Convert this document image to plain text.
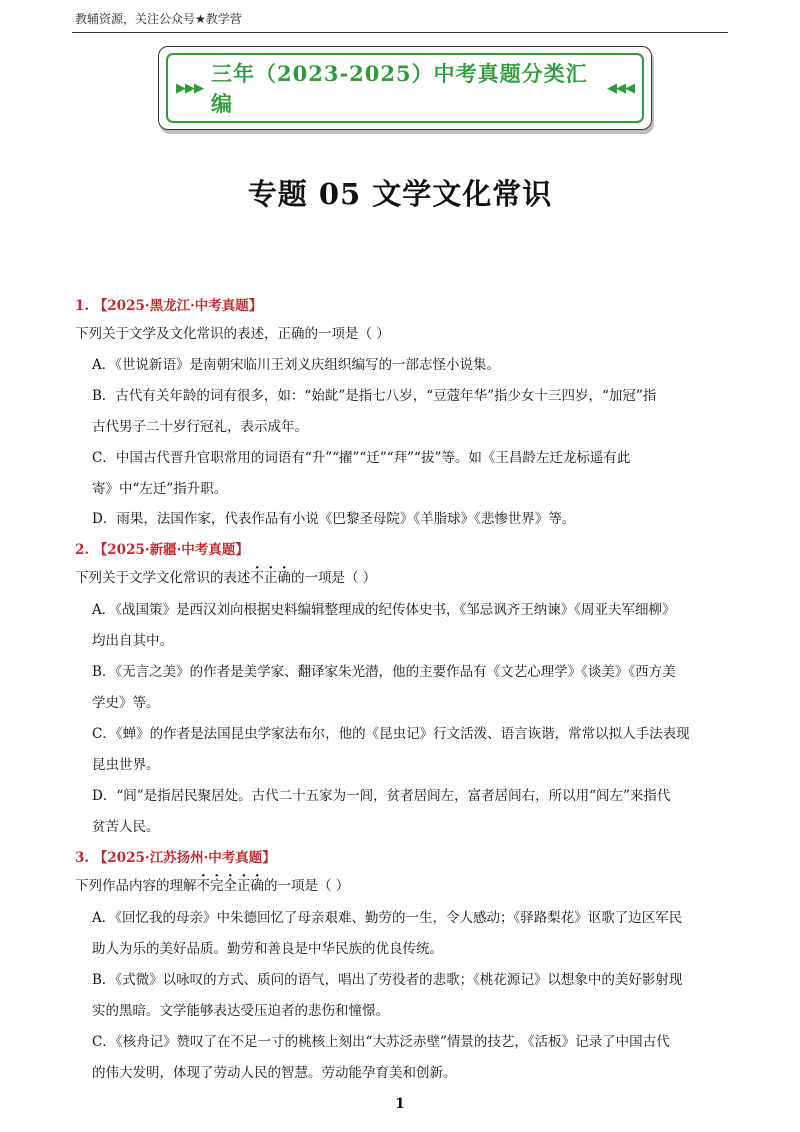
教辅资源，关注公众号★教学营
▶▶▶
三年（2023-2025）中考真题分类汇编
◀◀◀
专题 05 文学文化常识
1. 【2025·黑龙江·中考真题】
下列关于文学及文化常识的表述，正确的一项是（ ）
A．《世说新语》是南朝宋临川王刘义庆组织编写的一部志怪小说集。
B．古代有关年龄的词有很多，如：“始龀”是指七八岁，“豆蔻年华”指少女十三四岁，“加冠”指
古代男子二十岁行冠礼，表示成年。
C．中国古代晋升官职常用的词语有“升”“擢”“迁”“拜”“拔”等。如《王昌龄左迁龙标遥有此
寄》中“左迁”指升职。
D．雨果，法国作家，代表作品有小说《巴黎圣母院》《羊脂球》《悲惨世界》等。
2. 【2025·新疆·中考真题】
下列关于文学文化常识的表述不正确的一项是（ ）
A．《战国策》是西汉刘向根据史料编辑整理成的纪传体史书，《邹忌讽齐王纳谏》《周亚夫军细柳》
均出自其中。
B．《无言之美》的作者是美学家、翻译家朱光潜，他的主要作品有《文艺心理学》《谈美》《西方美
学史》等。
C．《蝉》的作者是法国昆虫学家法布尔，他的《昆虫记》行文活泼、语言诙谐，常常以拟人手法表现
昆虫世界。
D．“闾”是指居民聚居处。古代二十五家为一闾，贫者居闾左，富者居闾右，所以用“闾左”来指代
贫苦人民。
3. 【2025·江苏扬州·中考真题】
下列作品内容的理解不完全正确的一项是（ ）
A．《回忆我的母亲》中朱德回忆了母亲艰难、勤劳的一生，令人感动；《驿路梨花》讴歌了边区军民
助人为乐的美好品质。勤劳和善良是中华民族的优良传统。
B．《式微》以咏叹的方式、质问的语气，唱出了劳役者的悲歌；《桃花源记》以想象中的美好影射现
实的黑暗。文学能够表达受压迫者的悲伤和憧憬。
C．《核舟记》赞叹了在不足一寸的桃核上刻出“大苏泛赤壁”情景的技艺，《活板》记录了中国古代
的伟大发明，体现了劳动人民的智慧。劳动能孕育美和创新。
1
